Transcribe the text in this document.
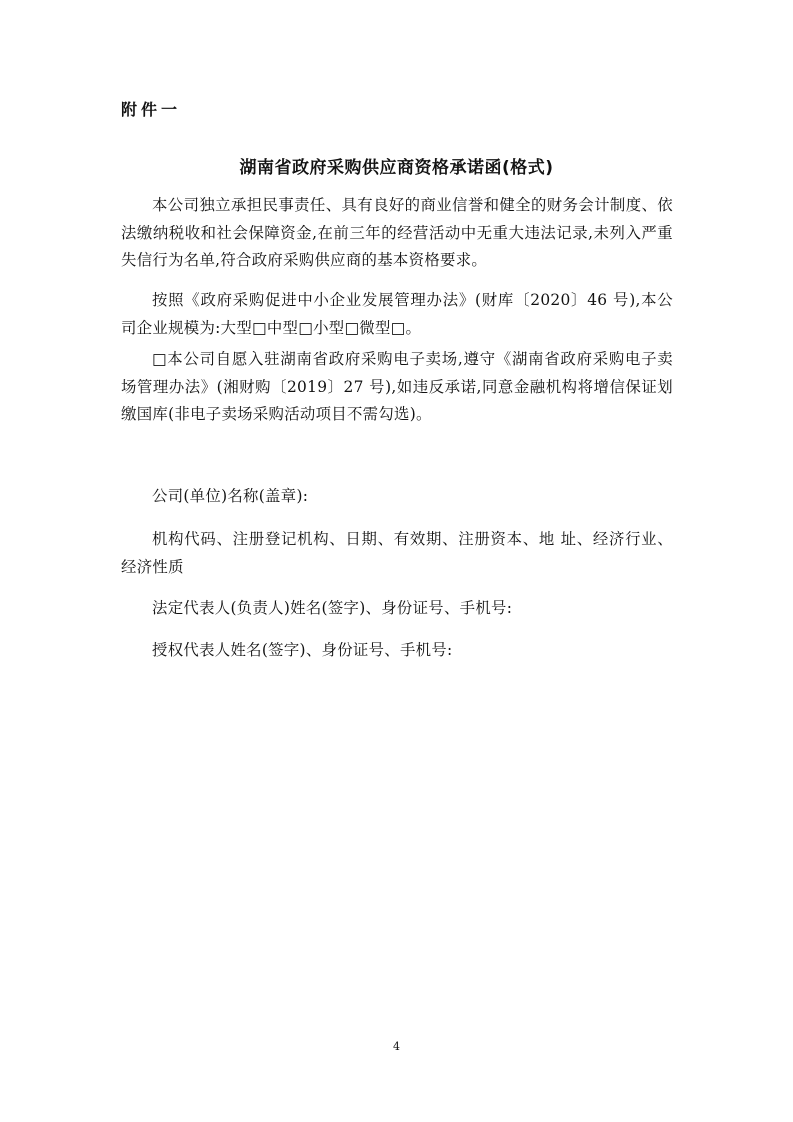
附件一
湖南省政府采购供应商资格承诺函(格式)

本公司独立承担民事责任、具有良好的商业信誉和健全的财务会计制度、依法缴纳税收和社会保障资金,在前三年的经营活动中无重大违法记录,未列入严重失信行为名单,符合政府采购供应商的基本资格要求。

按照《政府采购促进中小企业发展管理办法》(财库〔2020〕46 号),本公司企业规模为:大型□中型□小型□微型□。

□本公司自愿入驻湖南省政府采购电子卖场,遵守《湖南省政府采购电子卖场管理办法》(湘财购〔2019〕27 号),如违反承诺,同意金融机构将增信保证划缴国库(非电子卖场采购活动项目不需勾选)。

公司(单位)名称(盖章):

机构代码、注册登记机构、日期、有效期、注册资本、地 址、经济行业、经济性质

法定代表人(负责人)姓名(签字)、身份证号、手机号:

授权代表人姓名(签字)、身份证号、手机号:

4
